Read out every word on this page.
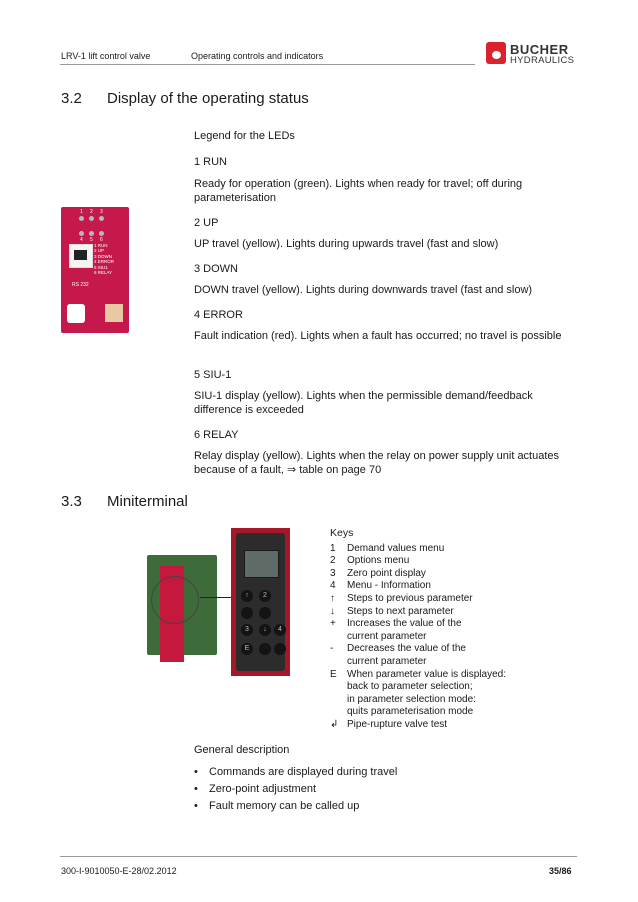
LRV-1 lift control valve	Operating controls and indicators	BUCHER
HYDRAULICS
3.2 Display of the operating status
Legend for the LEDs
1 RUN
Ready for operation (green). Lights when ready for travel; off during parameterisation
2 UP
UP travel (yellow). Lights during upwards travel (fast and slow)
3 DOWN
DOWN travel (yellow). Lights during downwards travel (fast and slow)
4 ERROR
Fault indication (red). Lights when a fault has occurred; no travel is possible
5 SIU-1
SIU-1 display (yellow). Lights when the permissible demand/feedback difference is exceeded
6 RELAY
Relay display (yellow). Lights when the relay on power supply unit actuates because of a fault, ⇒ table on page 70
1 2 3
4 5 6
1 RUN
2 UP
3 DOWN
4 ERROR
5 SIU1
6 RELAY
RS 232
3.3 Miniterminal
↑	2
3	↓	4
E
Keys
1	Demand values menu
2	Options menu
3	Zero point display
4	Menu - Information
↑	Steps to previous parameter
↓	Steps to next parameter
+	Increases the value of the
current parameter
-	Decreases the value of the
current parameter
E	When parameter value is displayed:
back to parameter selection;
in parameter selection mode:
quits parameterisation mode
↲ Pipe-rupture valve test
General description
• Commands are displayed during travel
• Zero-point adjustment
• Fault memory can be called up
300-I-9010050-E-28/02.2012	35/86
